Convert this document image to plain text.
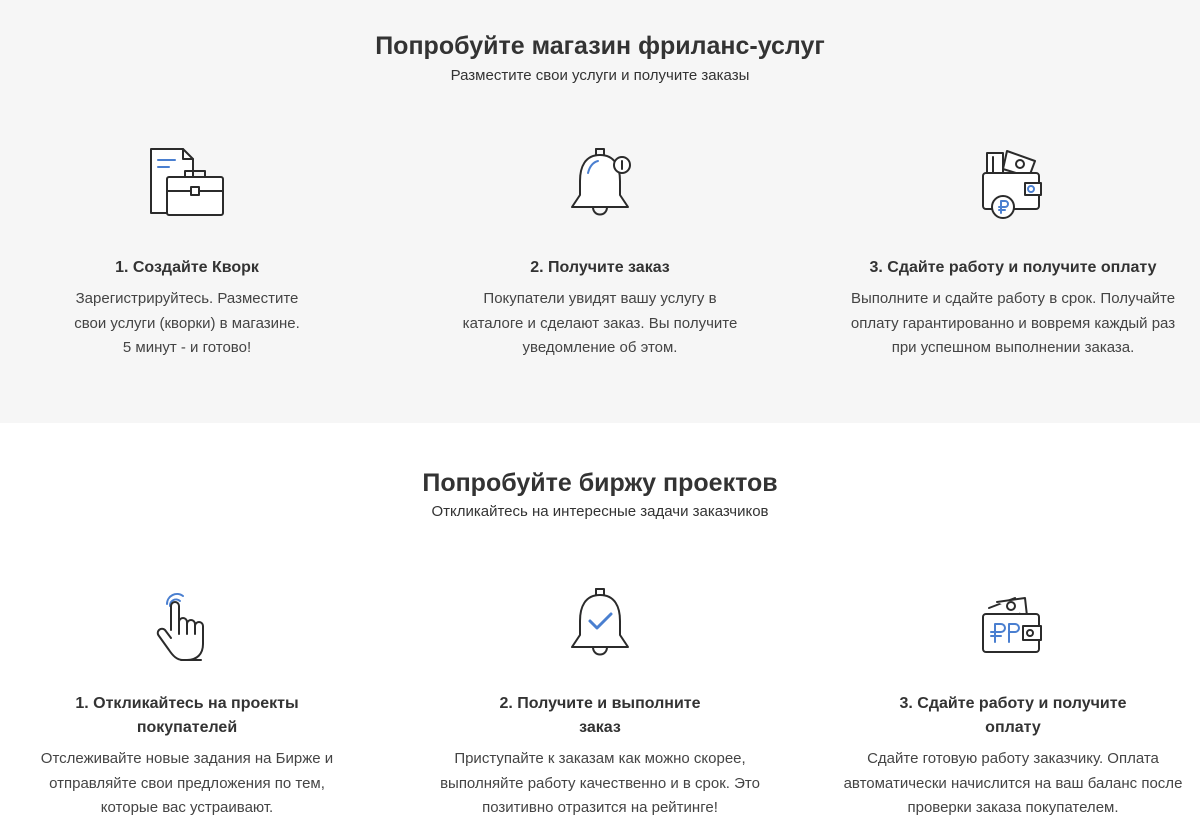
Попробуйте магазин фриланс-услуг
Разместите свои услуги и получите заказы
1. Создайте Кворк
Зарегистрируйтесь. Разместите
свои услуги (кворки) в магазине.
5 минут - и готово!
2. Получите заказ
Покупатели увидят вашу услугу в
каталоге и сделают заказ. Вы получите
уведомление об этом.
3. Сдайте работу и получите оплату
Выполните и сдайте работу в срок. Получайте
оплату гарантированно и вовремя каждый раз
при успешном выполнении заказа.
Попробуйте биржу проектов
Откликайтесь на интересные задачи заказчиков
1. Откликайтесь на проекты
покупателей
Отслеживайте новые задания на Бирже и
отправляйте свои предложения по тем,
которые вас устраивают.
2. Получите и выполните
заказ
Приступайте к заказам как можно скорее,
выполняйте работу качественно и в срок. Это
позитивно отразится на рейтинге!
3. Сдайте работу и получите
оплату
Сдайте готовую работу заказчику. Оплата
автоматически начислится на ваш баланс после
проверки заказа покупателем.
